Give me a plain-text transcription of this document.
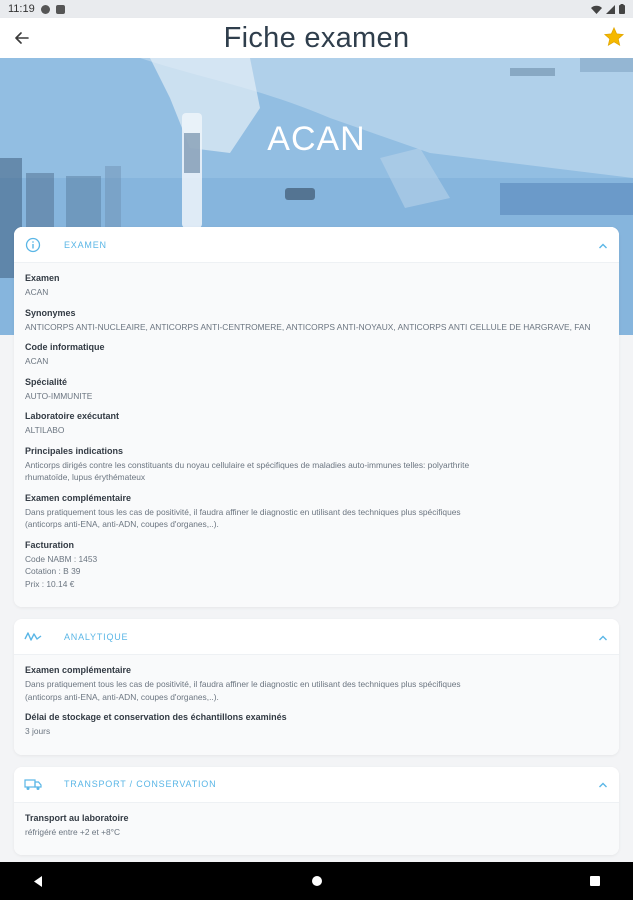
11:19
Fiche examen
ACAN
EXAMEN
Examen
ACAN
Synonymes
ANTICORPS ANTI-NUCLEAIRE, ANTICORPS ANTI-CENTROMERE, ANTICORPS ANTI-NOYAUX, ANTICORPS ANTI CELLULE DE HARGRAVE, FAN
Code informatique
ACAN
Spécialité
AUTO-IMMUNITE
Laboratoire exécutant
ALTILABO
Principales indications
Anticorps dirigés contre les constituants du noyau cellulaire et spécifiques de maladies auto-immunes telles: polyarthrite
rhumatoïde, lupus érythémateux
Examen complémentaire
Dans pratiquement tous les cas de positivité, il faudra affiner le diagnostic en utilisant des techniques plus spécifiques
(anticorps anti-ENA, anti-ADN, coupes d'organes,..).
Facturation
Code NABM : 1453
Cotation : B 39
Prix : 10.14 €
ANALYTIQUE
Examen complémentaire
Dans pratiquement tous les cas de positivité, il faudra affiner le diagnostic en utilisant des techniques plus spécifiques
(anticorps anti-ENA, anti-ADN, coupes d'organes,..).
Délai de stockage et conservation des échantillons examinés
3 jours
TRANSPORT / CONSERVATION
Transport au laboratoire
réfrigéré entre +2 et +8°C
